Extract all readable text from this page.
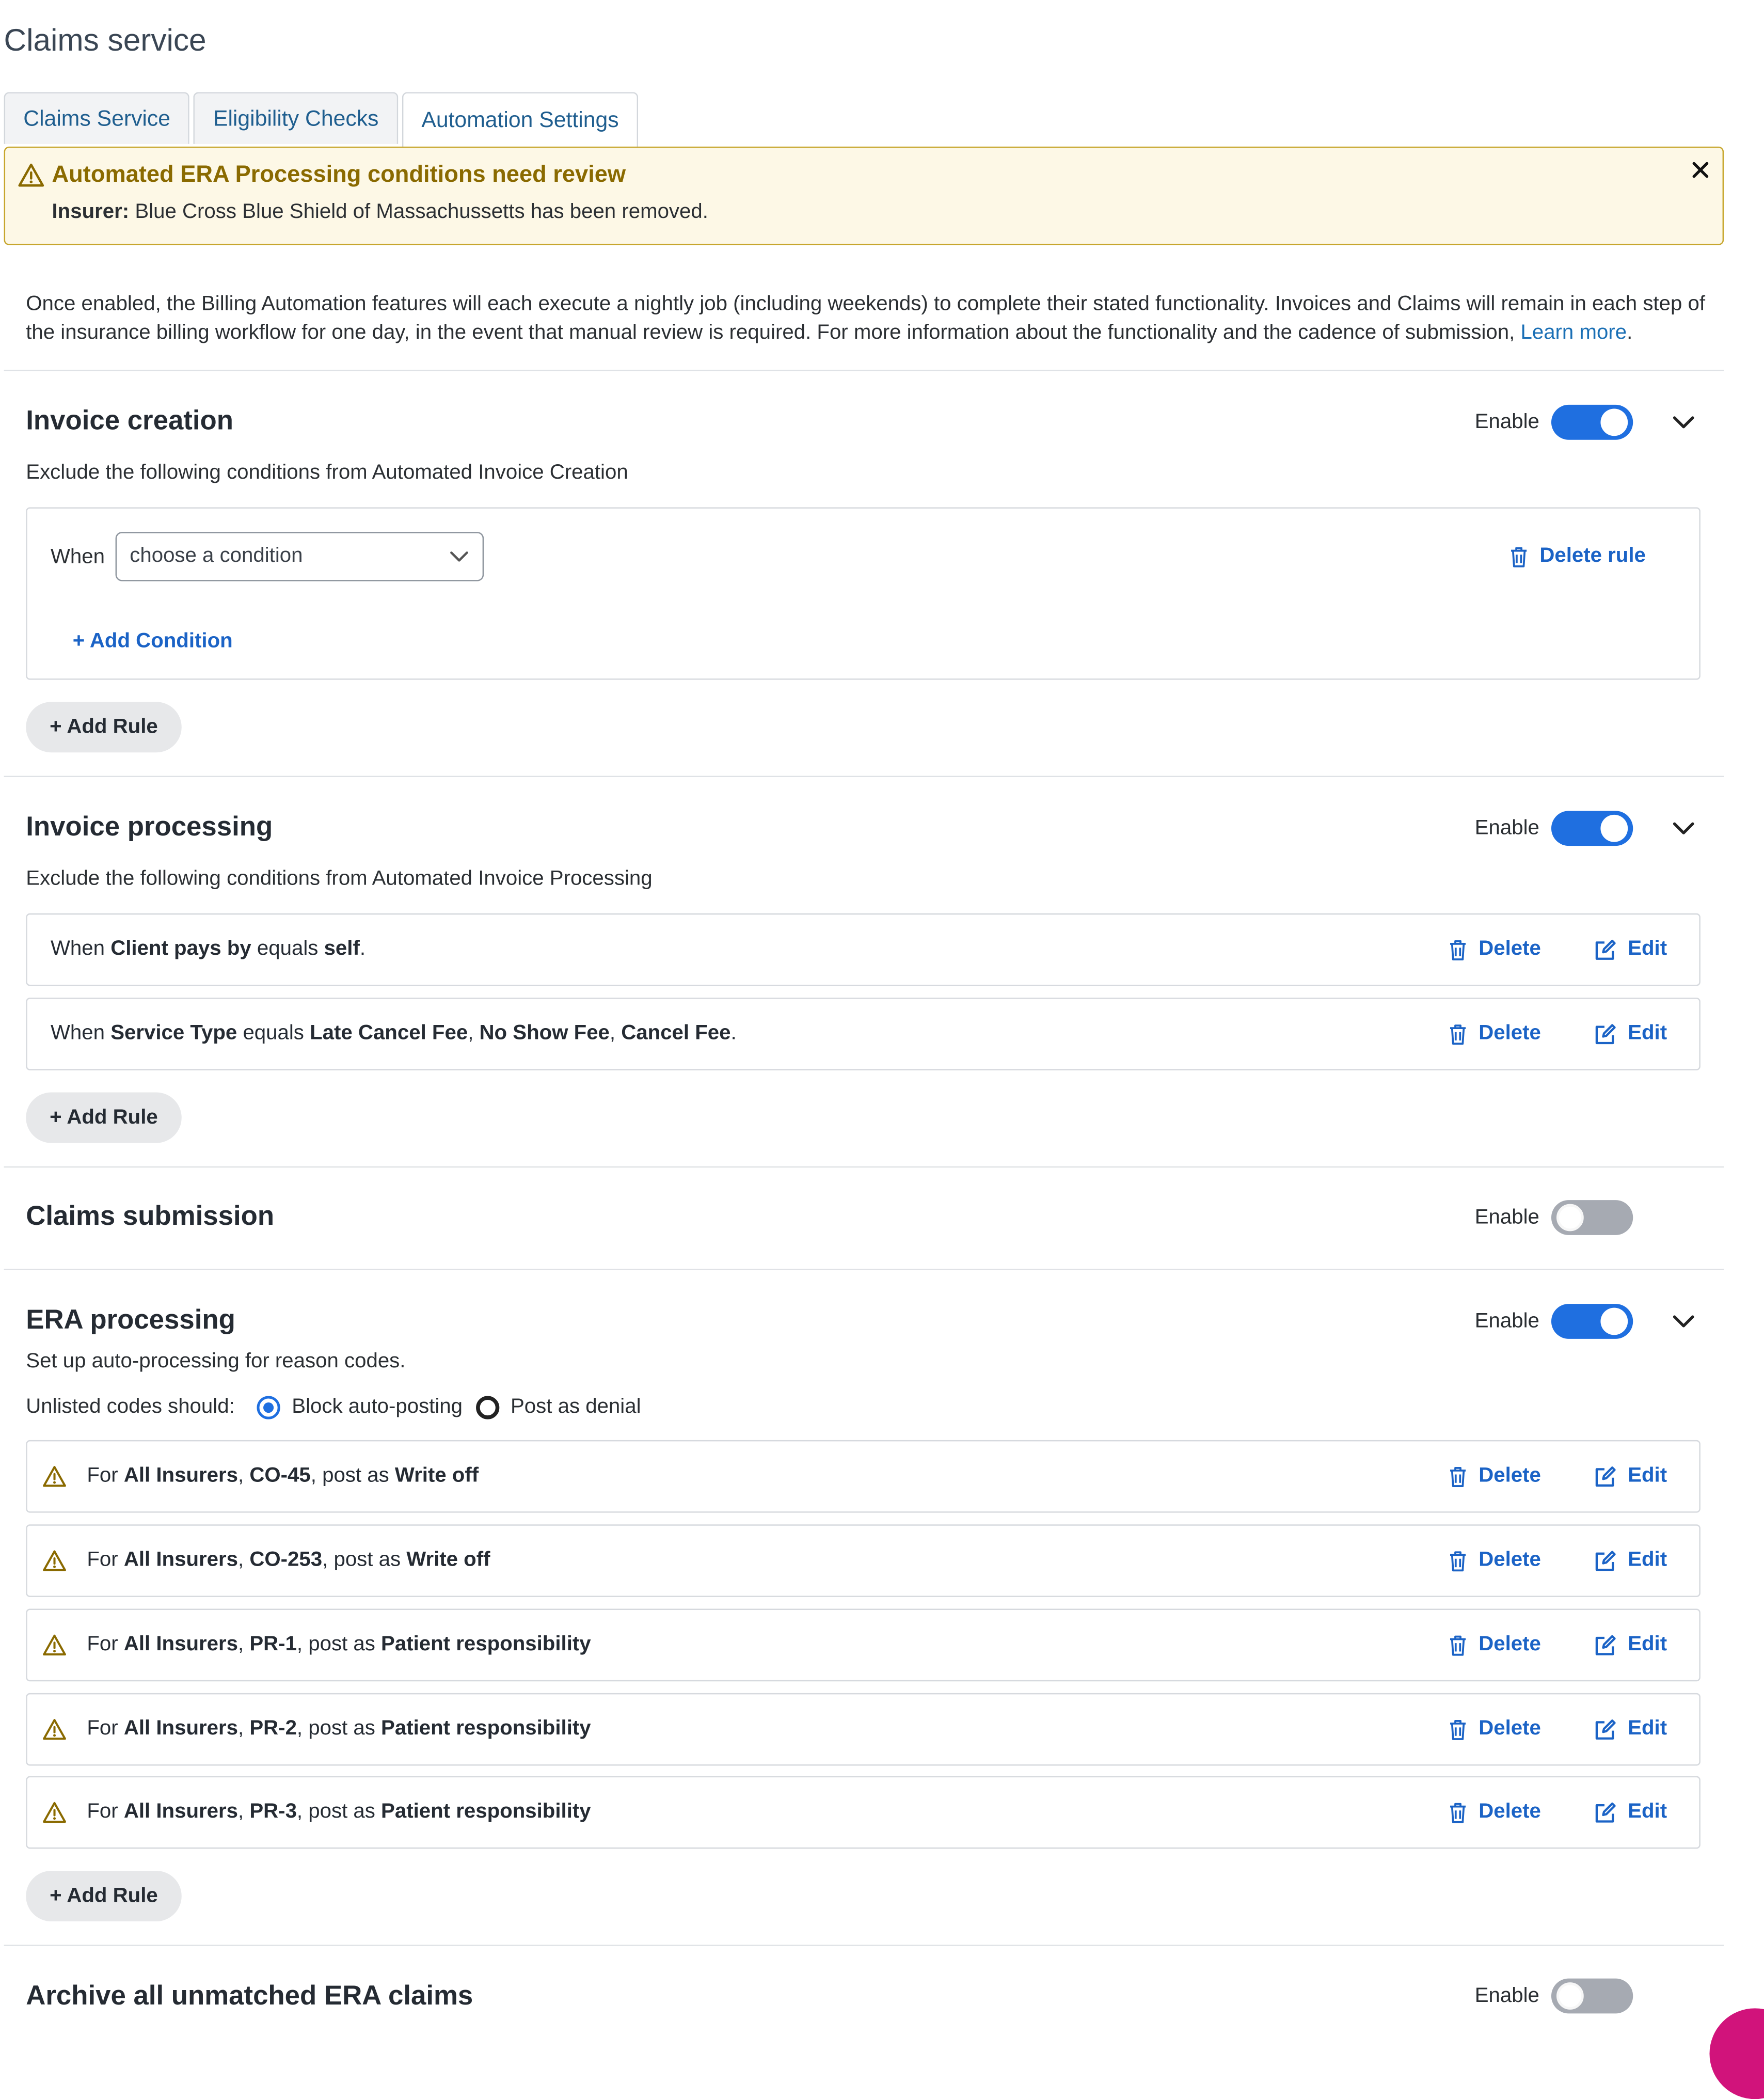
Claims service
Claims Service	Eligibility Checks	Automation Settings
Automated ERA Processing conditions need review
Insurer: Blue Cross Blue Shield of Massachussetts has been removed.
Once enabled, the Billing Automation features will each execute a nightly job (including weekends) to complete their stated functionality. Invoices and Claims will remain in each step of the insurance billing workflow for one day, in the event that manual review is required. For more information about the functionality and the cadence of submission, Learn more.
Invoice creation	Enable
Exclude the following conditions from Automated Invoice Creation
When	choose a condition	Delete rule
+ Add Condition
+ Add Rule
Invoice processing	Enable
Exclude the following conditions from Automated Invoice Processing
When Client pays by equals self .	Delete	Edit
When Service Type equals Late Cancel Fee , No Show Fee , Cancel Fee .	Delete	Edit
+ Add Rule
Claims submission	Enable
ERA processing	Enable
Set up auto-processing for reason codes.
Unlisted codes should:	Block auto-posting	Post as denial
For All Insurers , CO-45 , post as Write off	Delete	Edit
For All Insurers , CO-253 , post as Write off	Delete	Edit
For All Insurers , PR-1 , post as Patient responsibility	Delete	Edit
For All Insurers , PR-2 , post as Patient responsibility	Delete	Edit
For All Insurers , PR-3 , post as Patient responsibility	Delete	Edit
+ Add Rule
Archive all unmatched ERA claims	Enable
